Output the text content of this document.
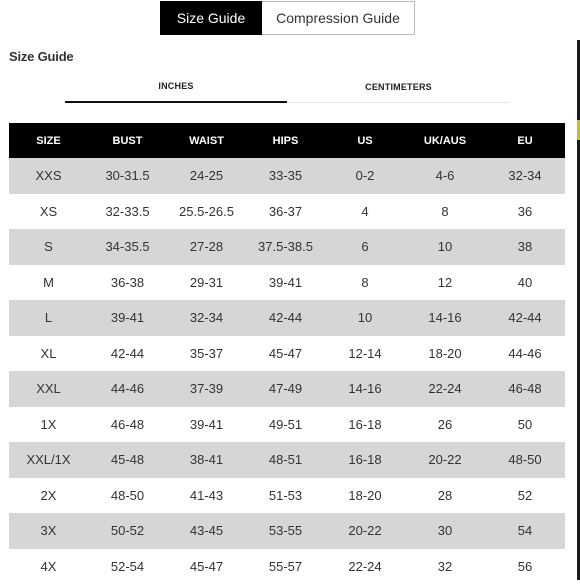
Size Guide	Compression Guide
Size Guide
INCHES	CENTIMETERS
SIZE	BUST	WAIST	HIPS	US	UK/AUS	EU
XXS	30-31.5	24-25	33-35	0-2	4-6	32-34
XS	32-33.5	25.5-26.5	36-37	4	8	36
S	34-35.5	27-28	37.5-38.5	6	10	38
M	36-38	29-31	39-41	8	12	40
L	39-41	32-34	42-44	10	14-16	42-44
XL	42-44	35-37	45-47	12-14	18-20	44-46
XXL	44-46	37-39	47-49	14-16	22-24	46-48
1X	46-48	39-41	49-51	16-18	26	50
XXL/1X	45-48	38-41	48-51	16-18	20-22	48-50
2X	48-50	41-43	51-53	18-20	28	52
3X	50-52	43-45	53-55	20-22	30	54
4X	52-54	45-47	55-57	22-24	32	56
